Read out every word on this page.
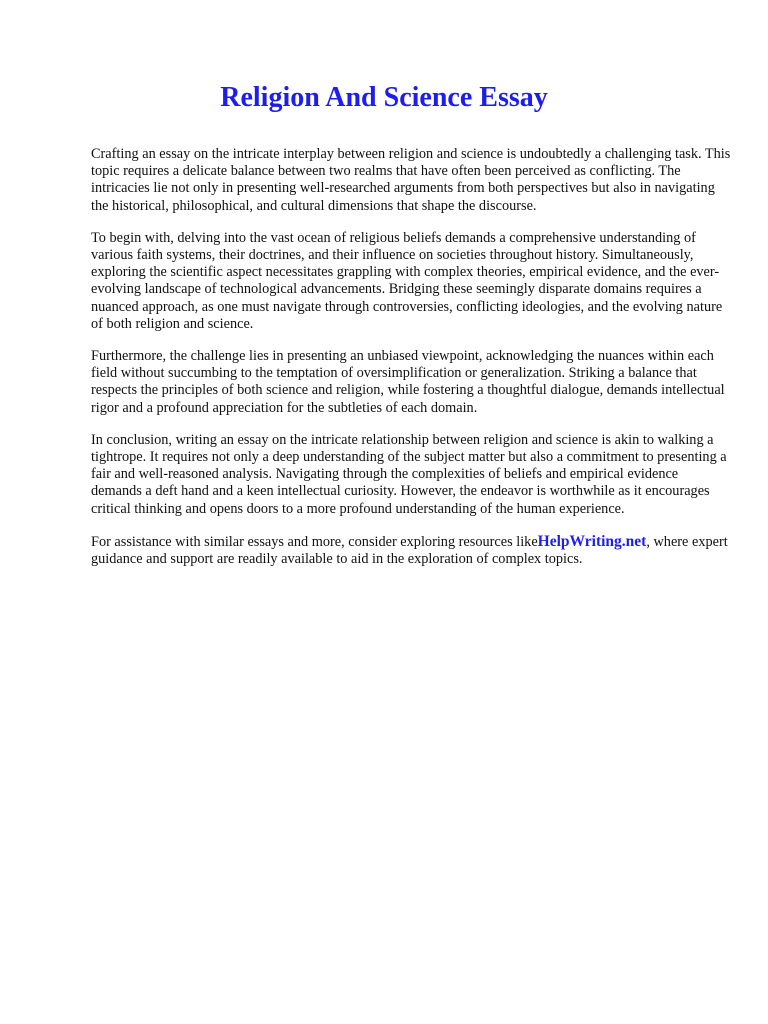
Religion And Science Essay

Crafting an essay on the intricate interplay between religion and science is undoubtedly a challenging task. This topic requires a delicate balance between two realms that have often been perceived as conflicting. The intricacies lie not only in presenting well-researched arguments from both perspectives but also in navigating the historical, philosophical, and cultural dimensions that shape the discourse.

To begin with, delving into the vast ocean of religious beliefs demands a comprehensive understanding of various faith systems, their doctrines, and their influence on societies throughout history. Simultaneously, exploring the scientific aspect necessitates grappling with complex theories, empirical evidence, and the ever-evolving landscape of technological advancements. Bridging these seemingly disparate domains requires a nuanced approach, as one must navigate through controversies, conflicting ideologies, and the evolving nature of both religion and science.

Furthermore, the challenge lies in presenting an unbiased viewpoint, acknowledging the nuances within each field without succumbing to the temptation of oversimplification or generalization. Striking a balance that respects the principles of both science and religion, while fostering a thoughtful dialogue, demands intellectual rigor and a profound appreciation for the subtleties of each domain.

In conclusion, writing an essay on the intricate relationship between religion and science is akin to walking a tightrope. It requires not only a deep understanding of the subject matter but also a commitment to presenting a fair and well-reasoned analysis. Navigating through the complexities of beliefs and empirical evidence demands a deft hand and a keen intellectual curiosity. However, the endeavor is worthwhile as it encourages critical thinking and opens doors to a more profound understanding of the human experience.

For assistance with similar essays and more, consider exploring resources likeHelpWriting.net, where expert guidance and support are readily available to aid in the exploration of complex topics.
